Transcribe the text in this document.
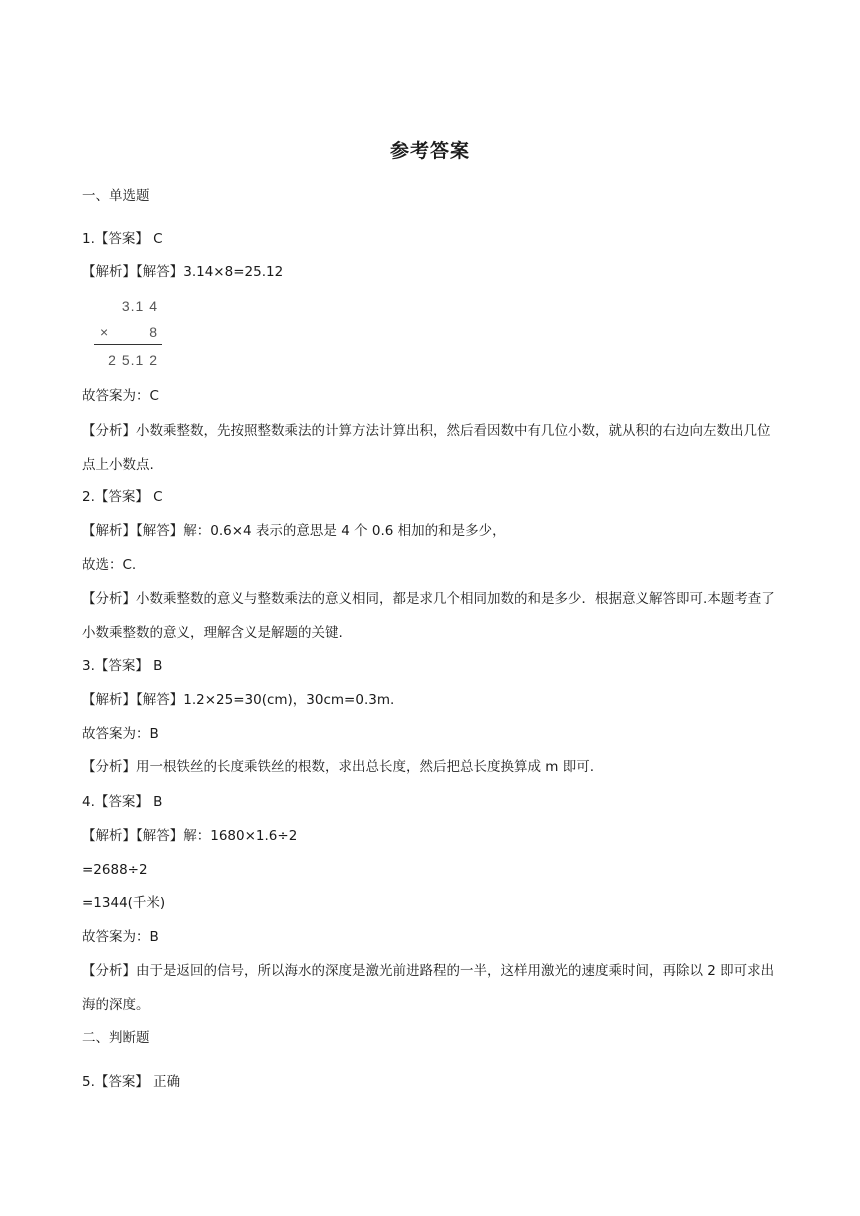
参考答案
一、单选题
1.【答案】 C
【解析】【解答】3.14×8=25.12
3.1 4
×	8
2 5.1 2
故答案为：C
【分析】小数乘整数，先按照整数乘法的计算方法计算出积，然后看因数中有几位小数，就从积的右边向左数出几位点上小数点.
2.【答案】 C
【解析】【解答】解：0.6×4 表示的意思是 4 个 0.6 相加的和是多少，
故选：C.
【分析】小数乘整数的意义与整数乘法的意义相同，都是求几个相同加数的和是多少．根据意义解答即可.本题考查了小数乘整数的意义，理解含义是解题的关键.
3.【答案】 B
【解析】【解答】1.2×25=30(cm)，30cm=0.3m.
故答案为：B
【分析】用一根铁丝的长度乘铁丝的根数，求出总长度，然后把总长度换算成 m 即可.
4.【答案】 B
【解析】【解答】解：1680×1.6÷2
=2688÷2
=1344(千米)
故答案为：B
【分析】由于是返回的信号，所以海水的深度是激光前进路程的一半，这样用激光的速度乘时间，再除以 2 即可求出海的深度。
二、判断题
5.【答案】 正确
